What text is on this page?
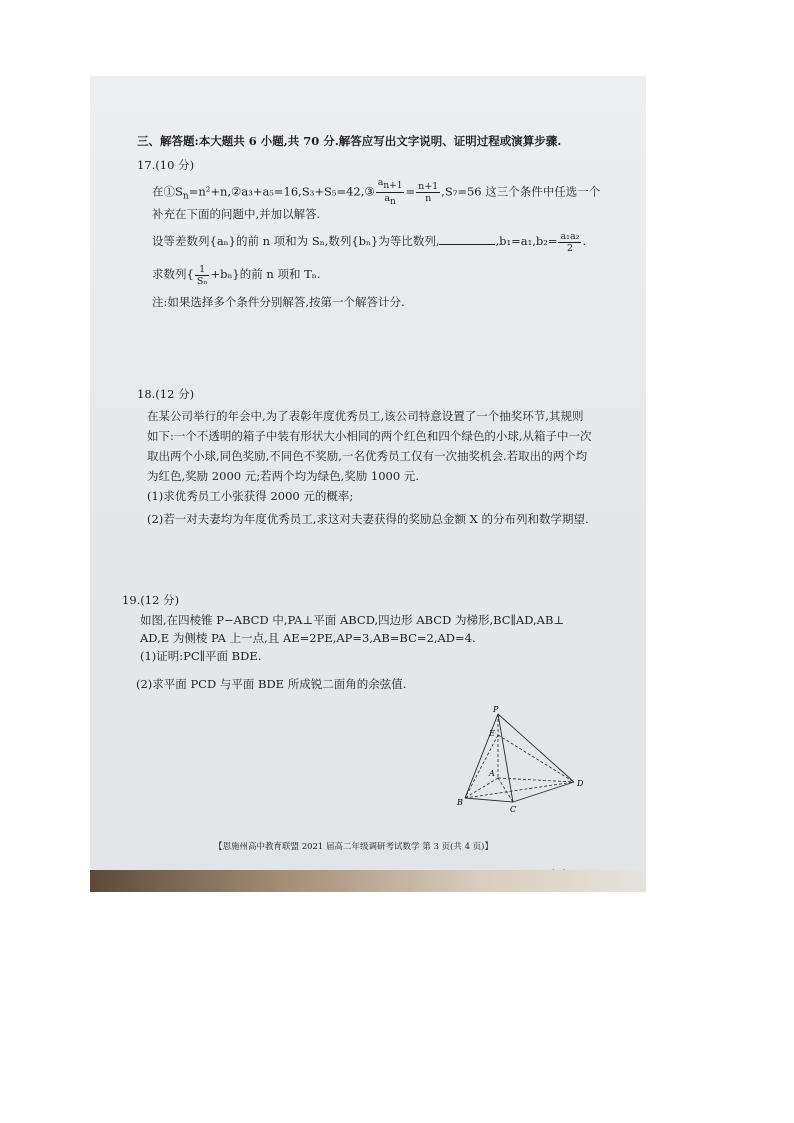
三、解答题:本大题共 6 小题,共 70 分.解答应写出文字说明、证明过程或演算步骤.
17.(10 分)
在$①S_n=n^2+n,②a_3+a_5=16,S_3+S_5=42,③ \frac{a_{n+1}}{a_n} = \frac{n+1}{n} ,S_7=56$ 这三个条件中任选一个
补充在下面的问题中,并加以解答.
设等差数列{aₙ}的前 n 项和为 Sₙ,数列{bₙ}为等比数列,	$,b_1=a_1,b_2= \frac{\text{a₁a₂}}{2}$ .
求数列{ $\frac{1}{\text{Sₙ}} +b_n$}的前 n 项和 Tₙ.
注:如果选择多个条件分别解答,按第一个解答计分.
18.(12 分)
在某公司举行的年会中,为了表彰年度优秀员工,该公司特意设置了一个抽奖环节,其规则
如下:一个不透明的箱子中装有形状大小相同的两个红色和四个绿色的小球,从箱子中一次
取出两个小球,同色奖励,不同色不奖励,一名优秀员工仅有一次抽奖机会.若取出的两个均
为红色,奖励 2000 元;若两个均为绿色,奖励 1000 元.
(1)求优秀员工小张获得 2000 元的概率;
(2)若一对夫妻均为年度优秀员工,求这对夫妻获得的奖励总金额 X 的分布列和数学期望.
19.(12 分)
如图,在四棱锥 P−ABCD 中,PA⊥平面 ABCD,四边形 ABCD 为梯形,BC∥AD,AB⊥
AD,E 为侧棱 PA 上一点,且 AE=2PE,AP=3,AB=BC=2,AD=4.
(1)证明:PC∥平面 BDE.
(2)求平面 PCD 与平面 BDE 所成锐二面角的余弦值.
P
E
A
B
C
D
【恩施州高中教育联盟 2021 届高二年级调研考试数学 第 3 页(共 4 页)】
